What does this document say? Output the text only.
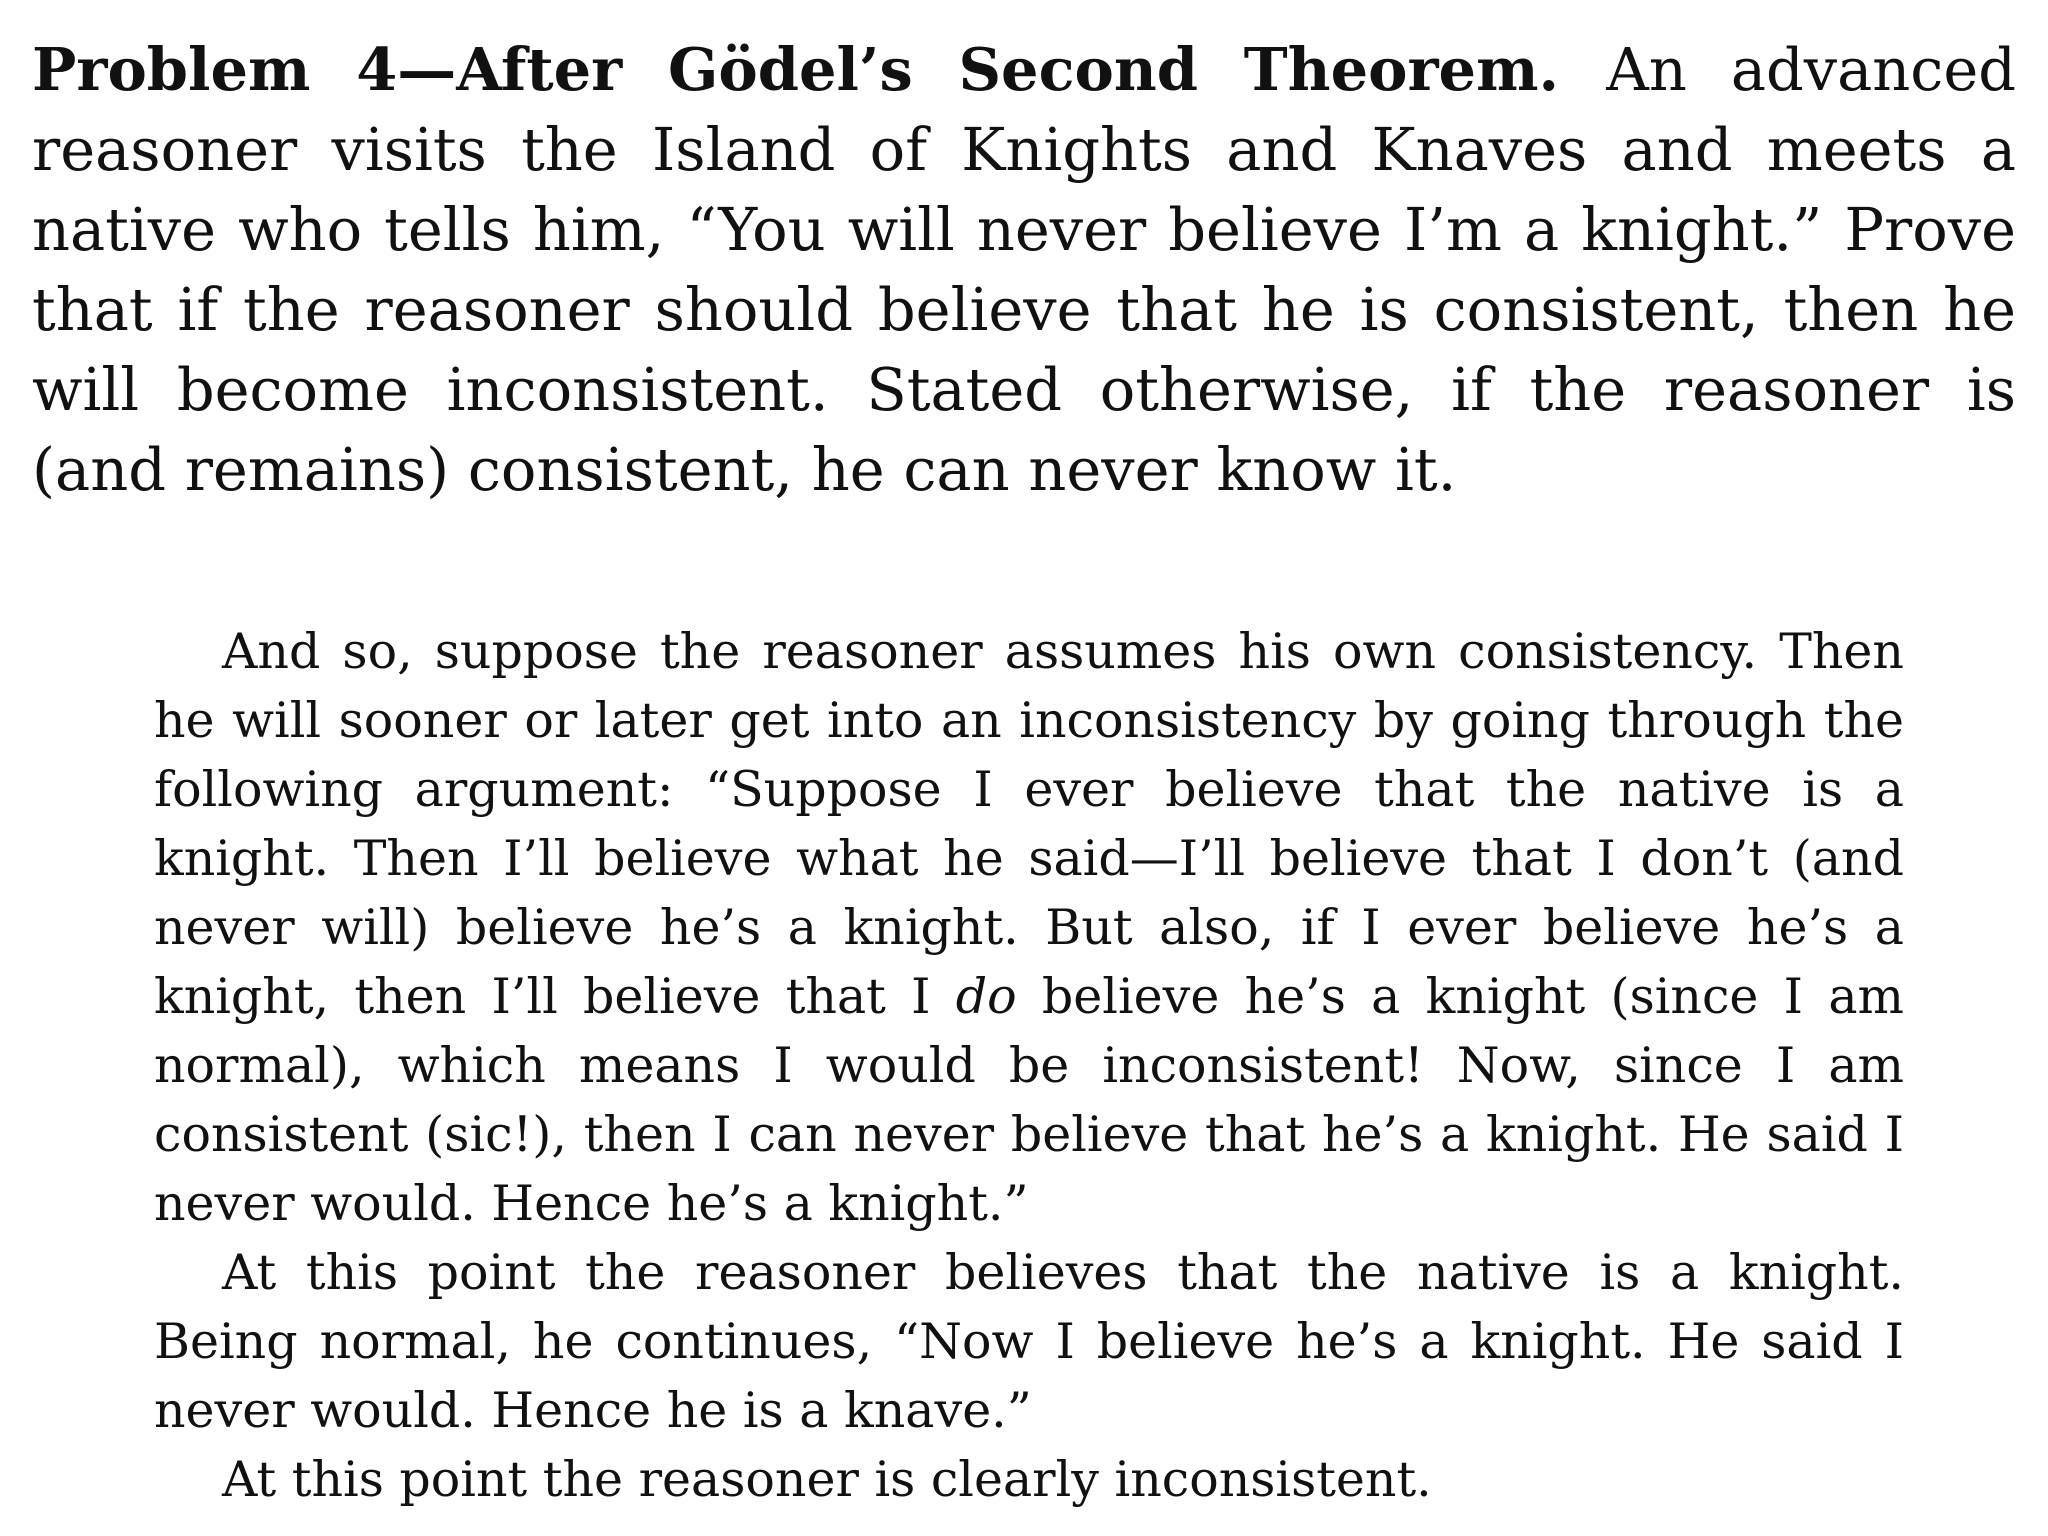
Problem 4—After Gödel’s Second Theorem. An advanced reasoner visits the Island of Knights and Knaves and meets a native who tells him, “You will never believe I’m a knight.” Prove that if the reasoner should believe that he is consistent, then he will become inconsistent. Stated otherwise, if the reasoner is (and remains) consistent, he can never know it.

And so, suppose the reasoner assumes his own consistency. Then he will sooner or later get into an inconsistency by going through the following argument: “Suppose I ever believe that the native is a knight. Then I’ll believe what he said—I’ll believe that I don’t (and never will) believe he’s a knight. But also, if I ever believe he’s a knight, then I’ll believe that I do believe he’s a knight (since I am normal), which means I would be inconsistent! Now, since I am consistent (sic!), then I can never believe that he’s a knight. He said I never would. Hence he’s a knight.”

At this point the reasoner believes that the native is a knight. Being normal, he continues, “Now I believe he’s a knight. He said I never would. Hence he is a knave.”

At this point the reasoner is clearly inconsistent.
